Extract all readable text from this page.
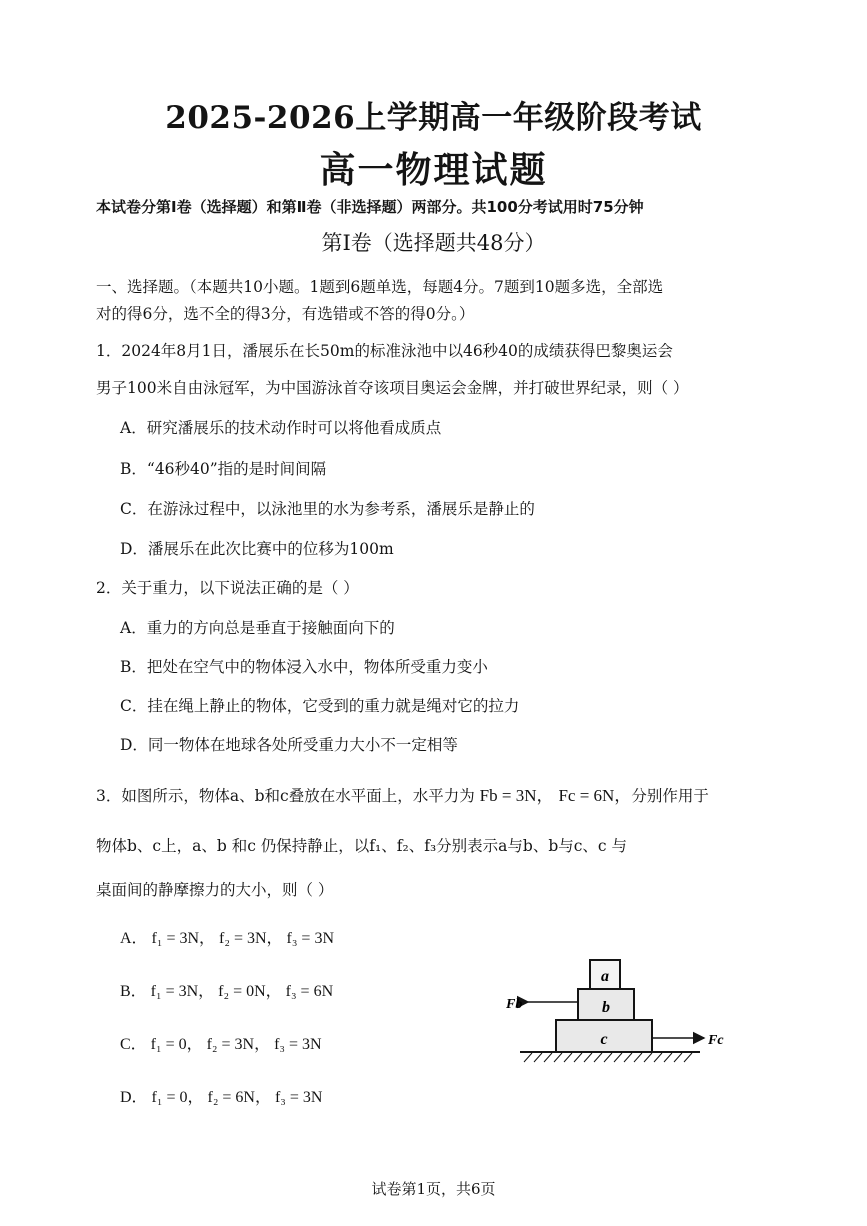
2025-2026上学期高一年级阶段考试
高一物理试题
本试卷分第Ⅰ卷（选择题）和第Ⅱ卷（非选择题）两部分。共100分考试用时75分钟
第Ⅰ卷（选择题共48分）
一、选择题。（本题共10小题。1题到6题单选，每题4分。7题到10题多选，全部选
对的得6分，选不全的得3分，有选错或不答的得0分。）
1．2024年8月1日，潘展乐在长50m的标准泳池中以46秒40的成绩获得巴黎奥运会
男子100米自由泳冠军，为中国游泳首夺该项目奥运会金牌，并打破世界纪录，则（ ）
A．研究潘展乐的技术动作时可以将他看成质点
B．“46秒40”指的是时间间隔
C．在游泳过程中，以泳池里的水为参考系，潘展乐是静止的
D．潘展乐在此次比赛中的位移为100m
2．关于重力，以下说法正确的是（ ）
A．重力的方向总是垂直于接触面向下的
B．把处在空气中的物体浸入水中，物体所受重力变小
C．挂在绳上静止的物体，它受到的重力就是绳对它的拉力
D．同一物体在地球各处所受重力大小不一定相等
3．如图所示，物体a、b和c叠放在水平面上，水平力为 Fb = 3N， Fc = 6N，分别作用于
物体b、c上，a、b 和c 仍保持静止，以f₁、f₂、f₃分别表示a与b、b与c、c 与
桌面间的静摩擦力的大小，则（ ）
A． f₁ = 3N， f₂ = 3N， f₃ = 3N
B． f₁ = 3N， f₂ = 0N， f₃ = 6N
C． f₁ = 0， f₂ = 3N， f₃ = 3N
D． f₁ = 0， f₂ = 6N， f₃ = 3N
c
b
a
Fb
Fc
试卷第1页，共6页
